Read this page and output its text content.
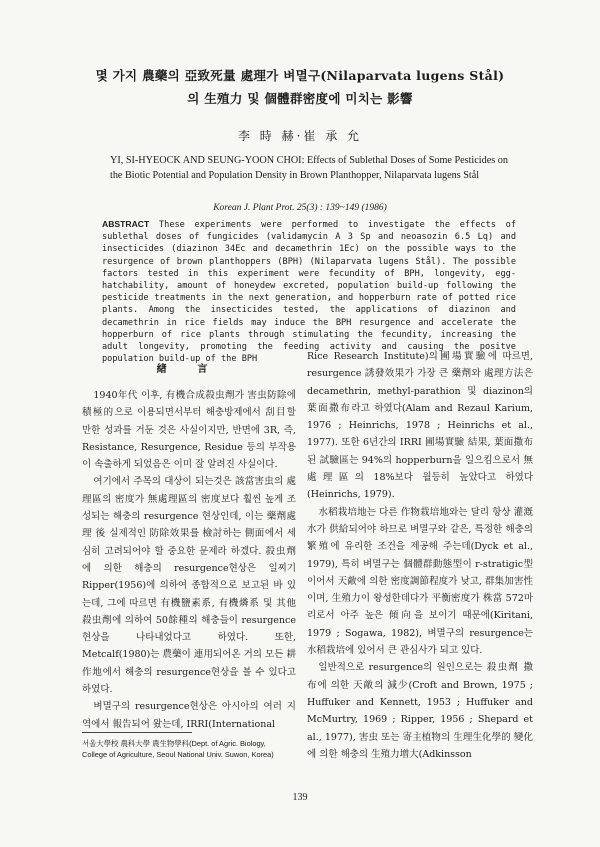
몇 가지 農藥의 亞致死量 處理가 벼멸구(Nilaparvata lugens Stål)
의 生殖力 및 個體群密度에 미치는 影響
李 時 赫·崔 承 允
YI, SI-HYEOCK AND SEUNG-YOON CHOI: Effects of Sublethal Doses of Some Pesticides on the Biotic Potential and Population Density in Brown Planthopper, Nilaparvata lugens Stål
Korean J. Plant Prot. 25(3) : 139~149 (1986)
ABSTRACT These experiments were performed to investigate the effects of sublethal doses of fungicides (validamycin A 3 Sp and neoasozin 6.5 Lq) and insecticides (diazinon 34Ec and decamethrin 1Ec) on the possible ways to the resurgence of brown planthoppers (BPH) (Nilaparvata lugens Stål). The possible factors tested in this experiment were fecundity of BPH, longevity, egg-hatchability, amount of honeydew excreted, population build-up following the pesticide treatments in the next generation, and hopperburn rate of potted rice plants. Among the insecticides tested, the applications of diazinon and decamethrin in rice fields may induce the BPH resurgence and accelerate the hopperburn of rice plants through stimulating the fecundity, increasing the adult longevity, promoting the feeding activity and causing the positve population build-up of the BPH
緖 言

1940年代 이후, 有機合成殺虫劑가 害虫防除에 積極的으로 이용되면서부터 해충방제에서 刮目할 만한 성과를 거둔 것은 사실이지만, 반면에 3R, 즉, Resistance, Resurgence, Residue 등의 부작용이 속출하게 되었음은 이미 잘 알려진 사실이다.

여기에서 주목의 대상이 되는것은 該當害虫의 處理區의 密度가 無處理區의 密度보다 훨씬 높게 조성되는 해충의 resurgence 현상인데, 이는 藥劑處理 後 실제적인 防除效果를 檢討하는 側面에서 세심히 고려되어야 할 중요한 문제라 하겠다. 殺虫劑에 의한 해충의 resurgence현상은 일찌기 Ripper(1956)에 의하여 종합적으로 보고된 바 있는데, 그에 따르면 有機鹽素系, 有機燐系 및 其他 殺虫劑에 의하여 50餘種의 해충들이 resurgence현상을 나타내었다고 하였다. 또한, Metcalf(1980)는 農藥이 連用되어온 거의 모든 耕作地에서 해충의 resurgence현상을 볼 수 있다고 하였다.

벼멸구의 resurgence현상은 아시아의 여러 지역에서 報告되어 왔는데, IRRI(International

Rice Research Institute)의圃場實驗에 따르면, resurgence 誘發效果가 가장 큰 藥劑와 處理方法은 decamethrin, methyl-parathion 및 diazinon의 葉面撒布라고 하였다(Alam and Rezaul Karium, 1976 ; Heinrichs, 1978 ; Heinrichs et al., 1977). 또한 6년간의 IRRI 圃場實驗 結果, 葉面撒布된 試驗區는 94%의 hopperburn을 일으킴으로서 無處理區의 18%보다 월등히 높았다고 하였다(Heinrichs, 1979).

水稻栽培地는 다른 作物栽培地와는 달리 항상 灌漑水가 供給되어야 하므로 벼멸구와 같은, 특정한 해충의 繁殖에 유리한 조건을 제공해 주는데(Dyck et al., 1979), 특히 벼멸구는 個體群動態型이 r-stratigic型이어서 天敵에 의한 密度調節程度가 낮고, 群集加害性이며, 生殖力이 왕성한데다가 平衡密度가 株當 572마리로서 아주 높은 傾向을 보이기 때문에(Kiritani, 1979 ; Sogawa, 1982), 벼멸구의 resurgence는 水稻栽培에 있어서 큰 관심사가 되고 있다.

일반적으로 resurgence의 원인으로는 殺虫劑 撒布에 의한 天敵의 減少(Croft and Brown, 1975 ; Huffuker and Kennett, 1953 ; Huffuker and McMurtry, 1969 ; Ripper, 1956 ; Shepard et al., 1977), 害虫 또는 寄主植物의 生理生化學的 變化에 의한 해충의 生殖力增大(Adkinsson

서울大學校 農科大學 農生物學科(Dept. of Agric. Biology,
College of Agriculture, Seoul National Univ. Suwon, Korea)
139
